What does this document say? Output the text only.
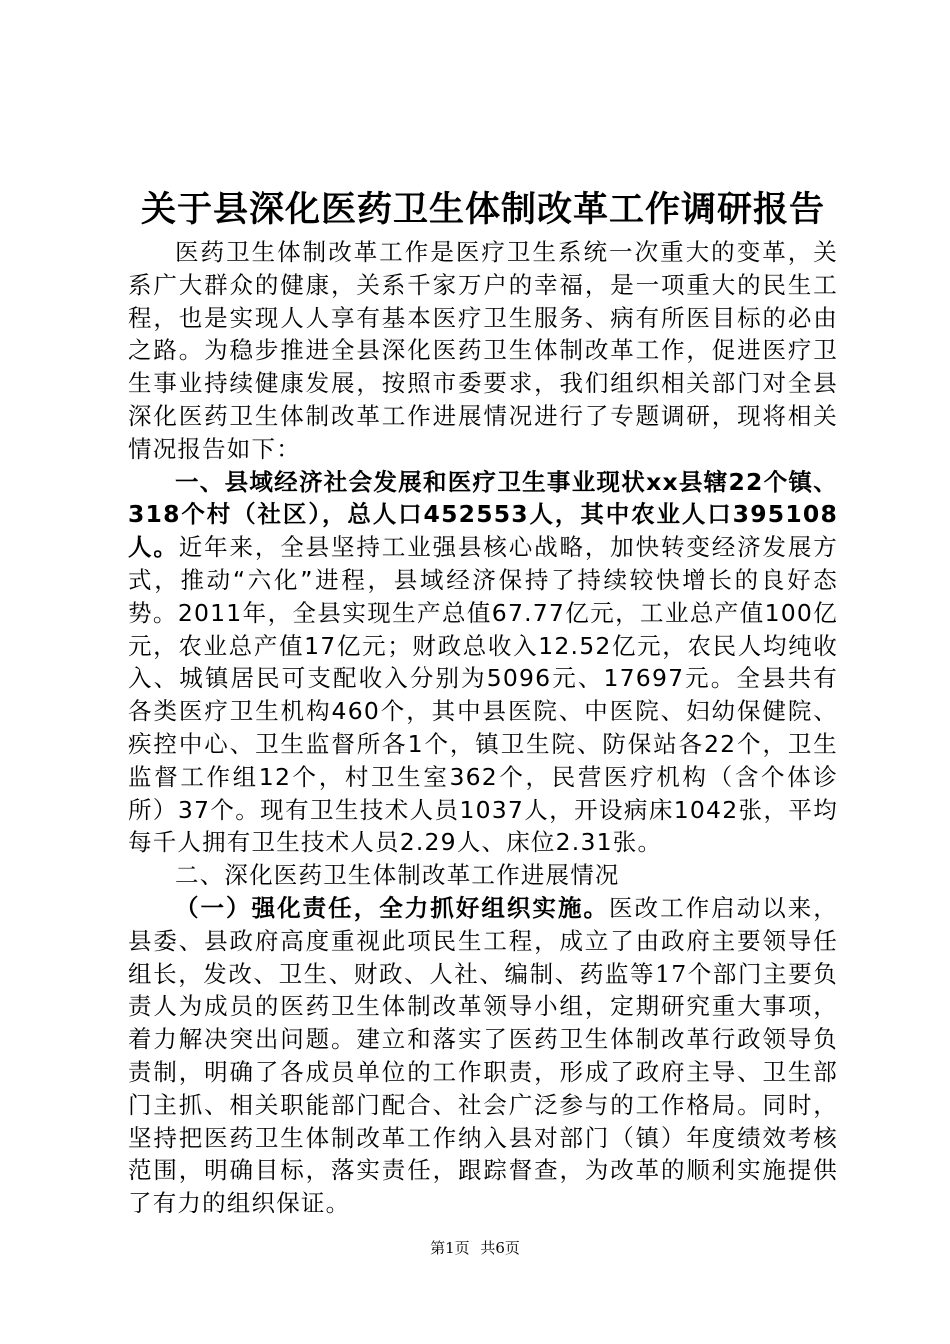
关于县深化医药卫生体制改革工作调研报告

医药卫生体制改革工作是医疗卫生系统一次重大的变革，关系广大群众的健康，关系千家万户的幸福，是一项重大的民生工程，也是实现人人享有基本医疗卫生服务、病有所医目标的必由之路。为稳步推进全县深化医药卫生体制改革工作，促进医疗卫生事业持续健康发展，按照市委要求，我们组织相关部门对全县深化医药卫生体制改革工作进展情况进行了专题调研，现将相关情况报告如下：

一、县域经济社会发展和医疗卫生事业现状xx县辖22个镇、318个村（社区），总人口452553人，其中农业人口395108人。近年来，全县坚持工业强县核心战略，加快转变经济发展方式，推动“六化”进程，县域经济保持了持续较快增长的良好态势。2011年，全县实现生产总值67.77亿元，工业总产值100亿元，农业总产值17亿元；财政总收入12.52亿元，农民人均纯收入、城镇居民可支配收入分别为5096元、17697元。全县共有各类医疗卫生机构460个，其中县医院、中医院、妇幼保健院、疾控中心、卫生监督所各1个，镇卫生院、防保站各22个，卫生监督工作组12个，村卫生室362个，民营医疗机构（含个体诊所）37个。现有卫生技术人员1037人，开设病床1042张，平均每千人拥有卫生技术人员2.29人、床位2.31张。

二、深化医药卫生体制改革工作进展情况

（一）强化责任，全力抓好组织实施。医改工作启动以来，县委、县政府高度重视此项民生工程，成立了由政府主要领导任组长，发改、卫生、财政、人社、编制、药监等17个部门主要负责人为成员的医药卫生体制改革领导小组，定期研究重大事项，着力解决突出问题。建立和落实了医药卫生体制改革行政领导负责制，明确了各成员单位的工作职责，形成了政府主导、卫生部门主抓、相关职能部门配合、社会广泛参与的工作格局。同时，坚持把医药卫生体制改革工作纳入县对部门（镇）年度绩效考核范围，明确目标，落实责任，跟踪督查，为改革的顺利实施提供了有力的组织保证。

第1页 共6页
